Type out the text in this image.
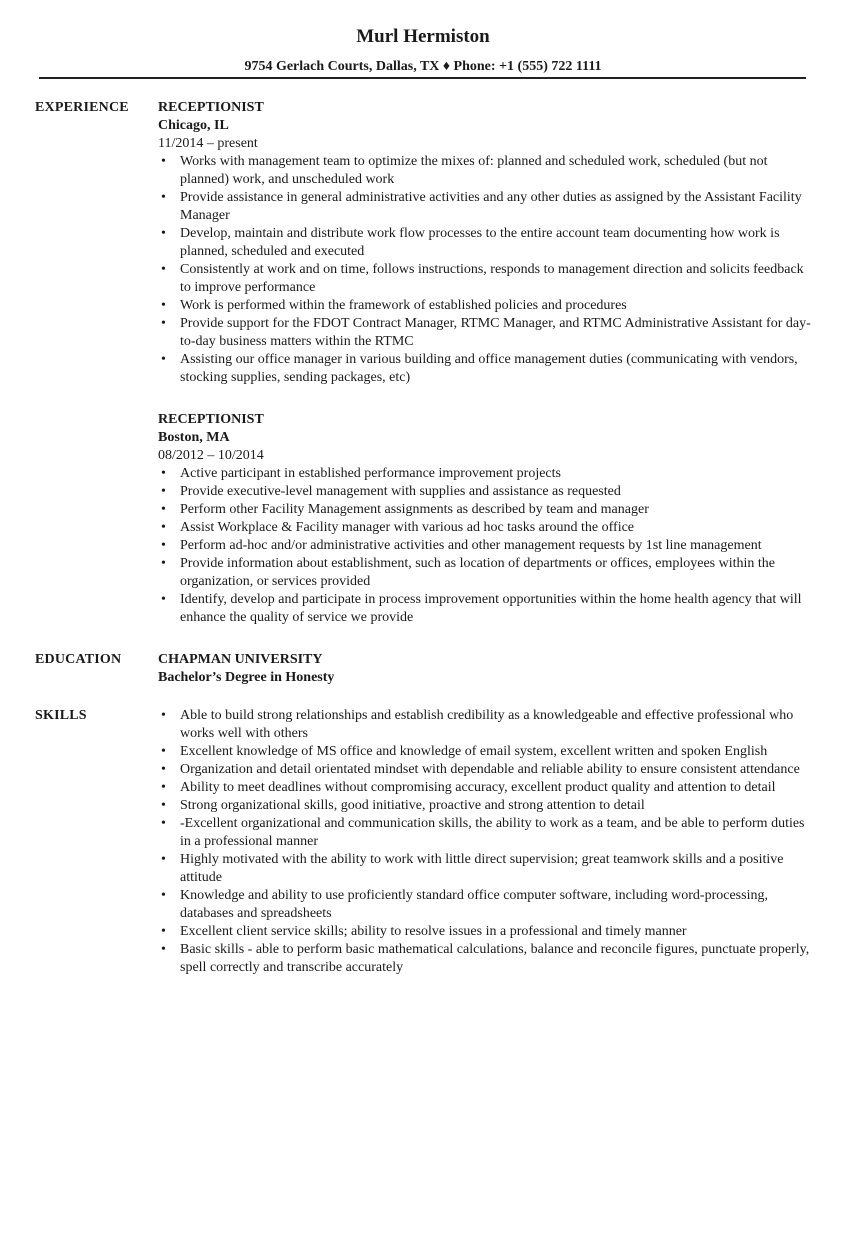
Murl Hermiston
9754 Gerlach Courts, Dallas, TX ♦ Phone: +1 (555) 722 1111
EXPERIENCE RECEPTIONIST
Chicago, IL
11/2014 – present
• Works with management team to optimize the mixes of: planned and scheduled work, scheduled (but not planned) work, and unscheduled work
• Provide assistance in general administrative activities and any other duties as assigned by the Assistant Facility Manager
• Develop, maintain and distribute work flow processes to the entire account team documenting how work is planned, scheduled and executed
• Consistently at work and on time, follows instructions, responds to management direction and solicits feedback to improve performance
• Work is performed within the framework of established policies and procedures
• Provide support for the FDOT Contract Manager, RTMC Manager, and RTMC Administrative Assistant for day-to-day business matters within the RTMC
• Assisting our office manager in various building and office management duties (communicating with vendors, stocking supplies, sending packages, etc)
RECEPTIONIST
Boston, MA
08/2012 – 10/2014
• Active participant in established performance improvement projects
• Provide executive-level management with supplies and assistance as requested
• Perform other Facility Management assignments as described by team and manager
• Assist Workplace & Facility manager with various ad hoc tasks around the office
• Perform ad-hoc and/or administrative activities and other management requests by 1st line management
• Provide information about establishment, such as location of departments or offices, employees within the organization, or services provided
• Identify, develop and participate in process improvement opportunities within the home health agency that will enhance the quality of service we provide
EDUCATION	CHAPMAN UNIVERSITY
Bachelor’s Degree in Honesty
SKILLS	• Able to build strong relationships and establish credibility as a knowledgeable and effective professional who works well with others
• Excellent knowledge of MS office and knowledge of email system, excellent written and spoken English
• Organization and detail orientated mindset with dependable and reliable ability to ensure consistent attendance
• Ability to meet deadlines without compromising accuracy, excellent product quality and attention to detail
• Strong organizational skills, good initiative, proactive and strong attention to detail
• -Excellent organizational and communication skills, the ability to work as a team, and be able to perform duties in a professional manner
• Highly motivated with the ability to work with little direct supervision; great teamwork skills and a positive attitude
• Knowledge and ability to use proficiently standard office computer software, including word-processing, databases and spreadsheets
• Excellent client service skills; ability to resolve issues in a professional and timely manner
• Basic skills - able to perform basic mathematical calculations, balance and reconcile figures, punctuate properly, spell correctly and transcribe accurately
